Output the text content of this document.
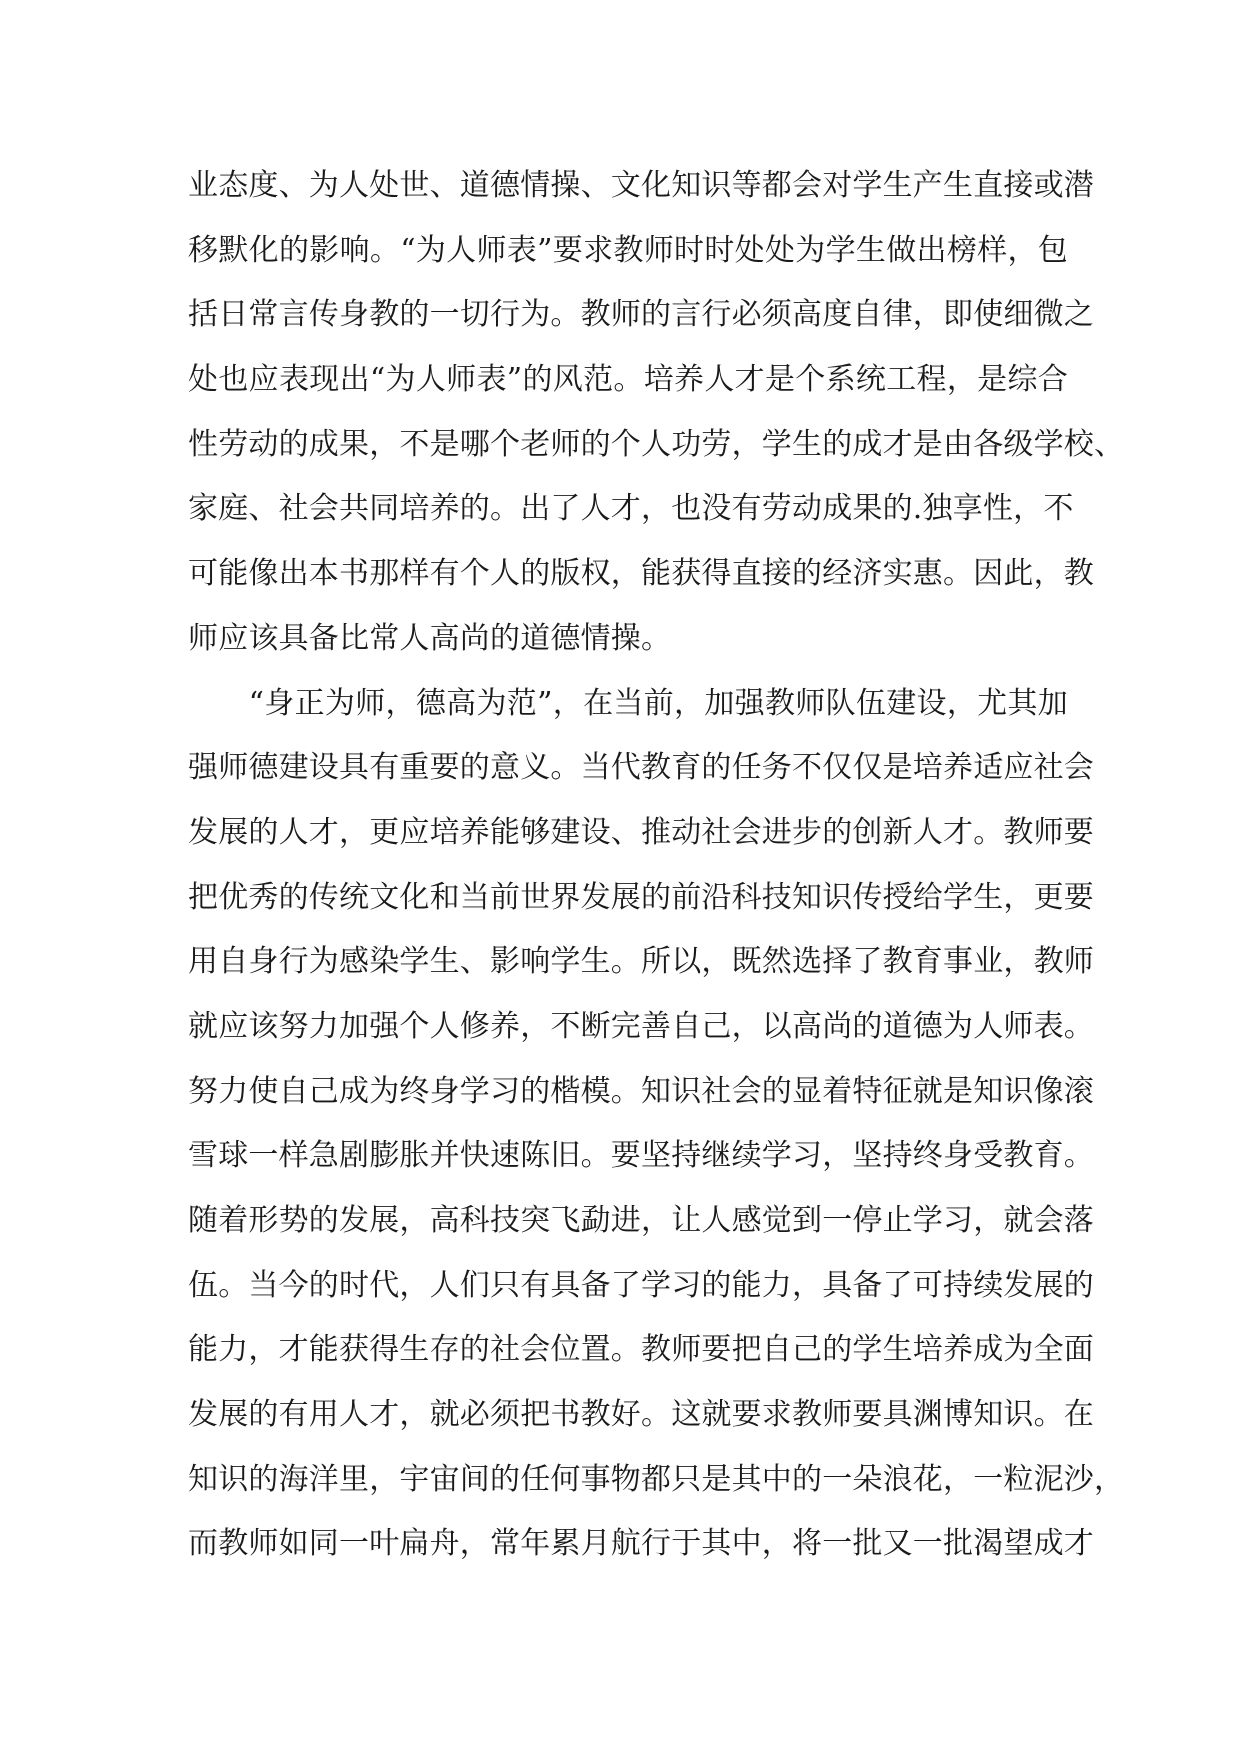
业态度、为人处世、道德情操、文化知识等都会对学生产生直接或潜
移默化的影响。“为人师表”要求教师时时处处为学生做出榜样，包
括日常言传身教的一切行为。教师的言行必须高度自律，即使细微之
处也应表现出“为人师表”的风范。培养人才是个系统工程，是综合
性劳动的成果，不是哪个老师的个人功劳，学生的成才是由各级学校、
家庭、社会共同培养的。出了人才，也没有劳动成果的.独享性，不
可能像出本书那样有个人的版权，能获得直接的经济实惠。因此，教
师应该具备比常人高尚的道德情操。
　　“身正为师，德高为范”，在当前，加强教师队伍建设，尤其加
强师德建设具有重要的意义。当代教育的任务不仅仅是培养适应社会
发展的人才，更应培养能够建设、推动社会进步的创新人才。教师要
把优秀的传统文化和当前世界发展的前沿科技知识传授给学生，更要
用自身行为感染学生、影响学生。所以，既然选择了教育事业，教师
就应该努力加强个人修养，不断完善自己，以高尚的道德为人师表。
努力使自己成为终身学习的楷模。知识社会的显着特征就是知识像滚
雪球一样急剧膨胀并快速陈旧。要坚持继续学习，坚持终身受教育。
随着形势的发展，高科技突飞勐进，让人感觉到一停止学习，就会落
伍。当今的时代，人们只有具备了学习的能力，具备了可持续发展的
能力，才能获得生存的社会位置。教师要把自己的学生培养成为全面
发展的有用人才，就必须把书教好。这就要求教师要具渊博知识。在
知识的海洋里，宇宙间的任何事物都只是其中的一朵浪花，一粒泥沙，
而教师如同一叶扁舟，常年累月航行于其中，将一批又一批渴望成才
